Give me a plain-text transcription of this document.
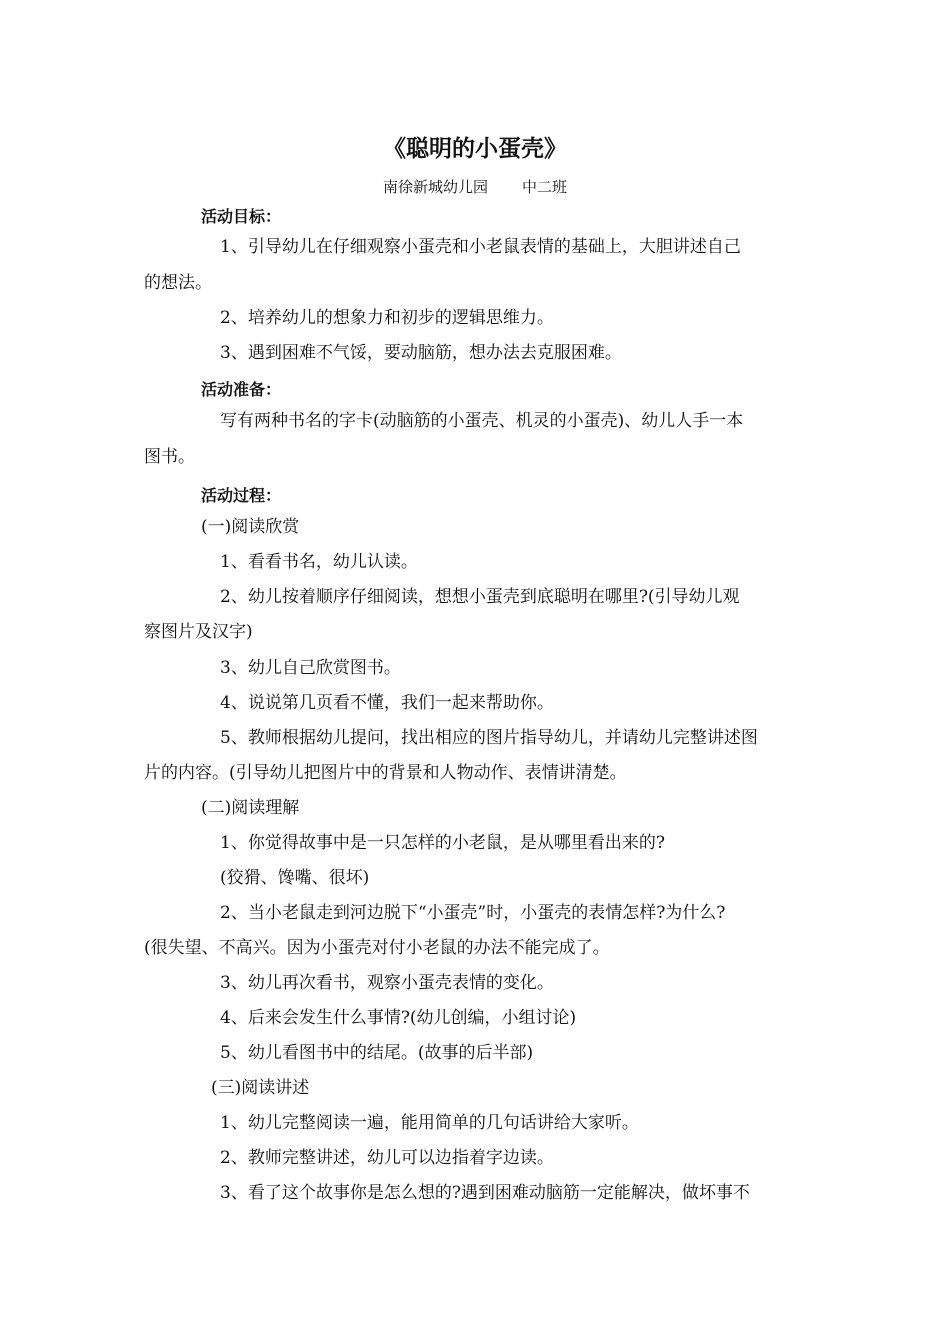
《聪明的小蛋壳》
南徐新城幼儿园 中二班
活动目标：
1、引导幼儿在仔细观察小蛋壳和小老鼠表情的基础上，大胆讲述自己
的想法。
2、培养幼儿的想象力和初步的逻辑思维力。
3、遇到困难不气馁，要动脑筋，想办法去克服困难。
活动准备：
写有两种书名的字卡(动脑筋的小蛋壳、机灵的小蛋壳)、幼儿人手一本
图书。
活动过程：
(一)阅读欣赏
1、看看书名，幼儿认读。
2、幼儿按着顺序仔细阅读，想想小蛋壳到底聪明在哪里?(引导幼儿观
察图片及汉字)
3、幼儿自己欣赏图书。
4、说说第几页看不懂，我们一起来帮助你。
5、教师根据幼儿提问，找出相应的图片指导幼儿，并请幼儿完整讲述图
片的内容。(引导幼儿把图片中的背景和人物动作、表情讲清楚。
(二)阅读理解
1、你觉得故事中是一只怎样的小老鼠，是从哪里看出来的?
(狡猾、馋嘴、很坏)
2、当小老鼠走到河边脱下“小蛋壳”时，小蛋壳的表情怎样?为什么?
(很失望、不高兴。因为小蛋壳对付小老鼠的办法不能完成了。
3、幼儿再次看书，观察小蛋壳表情的变化。
4、后来会发生什么事情?(幼儿创编，小组讨论)
5、幼儿看图书中的结尾。(故事的后半部)
(三)阅读讲述
1、幼儿完整阅读一遍，能用简单的几句话讲给大家听。
2、教师完整讲述，幼儿可以边指着字边读。
3、看了这个故事你是怎么想的?遇到困难动脑筋一定能解决，做坏事不
